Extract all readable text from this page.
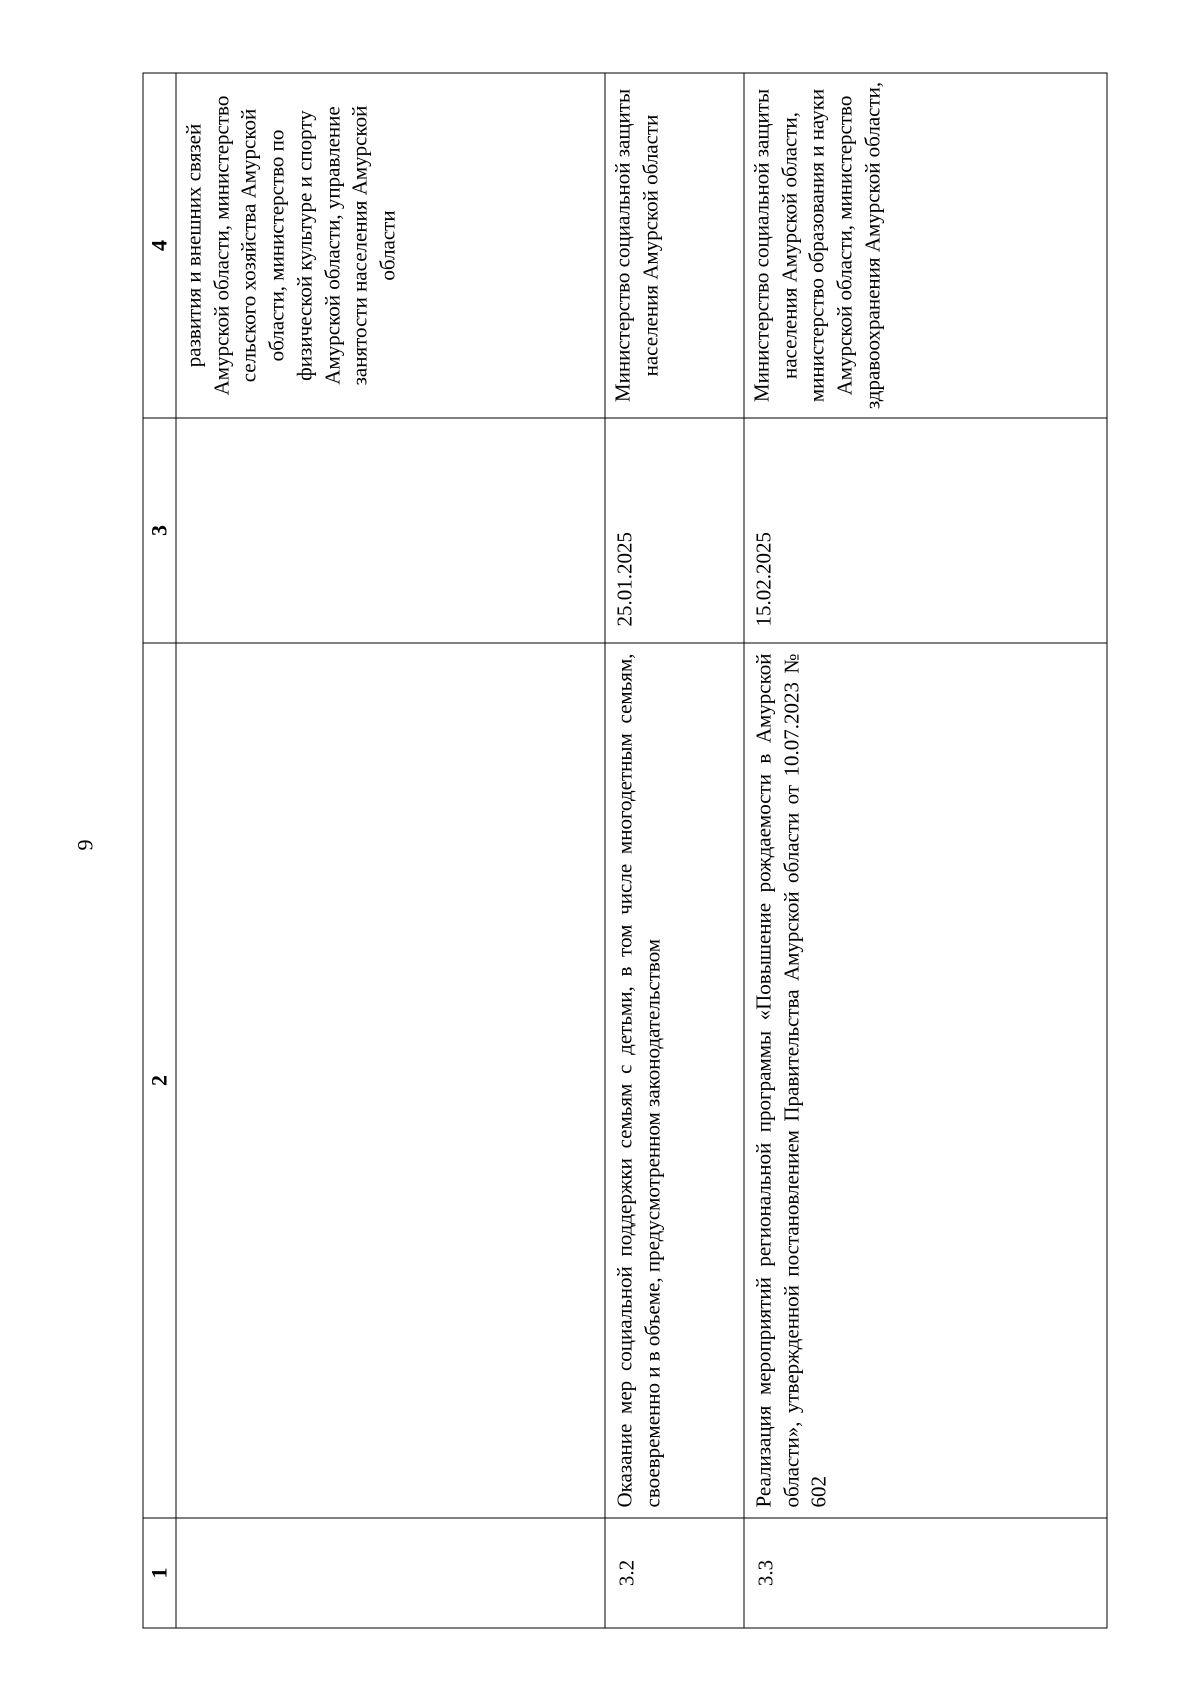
9
1	2	3	4
			развития и внешних связей Амурской области, министерство сельского хозяйства Амурской области, министерство по физической культуре и спорту Амурской области, управление занятости населения Амурской области
3.2	Оказание мер социальной поддержки семьям с детьми, в том числе многодетным семьям, своевременно и в объеме, предусмотренном законодательством	25.01.2025	Министерство социальной защиты населения Амурской области
3.3	Реализация мероприятий региональной программы «Повышение рождаемости в Амурской области», утвержденной постановлением Правительства Амурской области от 10.07.2023 № 602	15.02.2025	Министерство социальной защиты населения Амурской области, министерство образования и науки Амурской области, министерство здравоохранения Амурской области,
